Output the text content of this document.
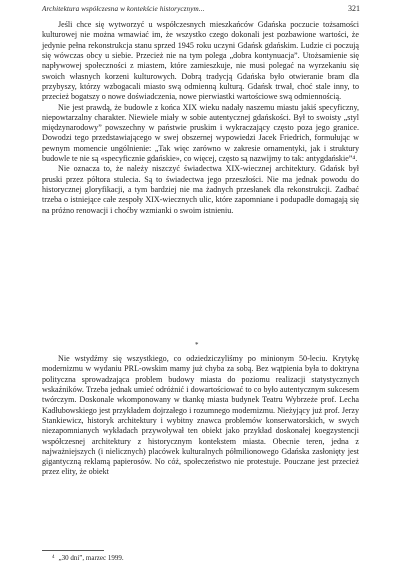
Architektura współczesna w kontekście historycznym...	321

Jeśli chce się wytworzyć u współczesnych mieszkańców Gdańska poczucie tożsamości kulturowej nie można wmawiać im, że wszystko czego dokonali jest pozbawione wartości, że jedynie pełna rekonstrukcja stanu sprzed 1945 roku uczyni Gdańsk gdańskim. Ludzie ci poczują się wówczas obcy u siebie. Przecież nie na tym polega „dobra kontynuacja”. Utożsamienie się napływowej społeczności z miastem, które zamieszkuje, nie musi polegać na wyrzekaniu się swoich własnych korzeni kulturowych. Dobrą tradycją Gdańska było otwieranie bram dla przybyszy, którzy wzbogacali miasto swą odmienną kulturą. Gdańsk trwał, choć stale inny, to przecież bogatszy o nowe doświadczenia, nowe pierwiastki wartościowe swą odmiennością.

Nie jest prawdą, że budowle z końca XIX wieku nadały naszemu miastu jakiś specyficzny, niepowtarzalny charakter. Niewiele miały w sobie autentycznej gdańskości. Był to swoisty „styl międzynarodowy” powszechny w państwie pruskim i wykraczający często poza jego granice. Dowodzi tego przedstawiającego w swej obszernej wypowiedzi Jacek Friedrich, formułując w pewnym momencie ungólnienie: „Tak więc zarówno w zakresie ornamentyki, jak i struktury budowle te nie są «specyficznie gdańskie», co więcej, często są nazwijmy to tak: antygdańskie”⁴.

Nie oznacza to, że należy niszczyć świadectwa XIX-wiecznej architektury. Gdańsk był pruski przez półtora stulecia. Są to świadectwa jego przeszłości. Nie ma jednak powodu do historycznej gloryfikacji, a tym bardziej nie ma żadnych przesłanek dla rekonstrukcji. Zadbać trzeba o istniejące całe zespoły XIX-wiecznych ulic, które zapomniane i podupadłe domagają się na próżno renowacji i choćby wzmianki o swoim istnieniu.

*

Nie wstydźmy się wszystkiego, co odziedziczyliśmy po minionym 50-leciu. Krytykę modernizmu w wydaniu PRL-owskim mamy już chyba za sobą. Bez wątpienia była to doktryna polityczna sprowadzająca problem budowy miasta do poziomu realizacji statystycznych wskaźników. Trzeba jednak umieć odróżnić i dowartościować to co było autentycznym sukcesem twórczym. Doskonale wkomponowany w tkankę miasta budynek Teatru Wybrzeże prof. Lecha Kadłubowskiego jest przykładem dojrzałego i rozumnego modernizmu. Nieżyjący już prof. Jerzy Stankiewicz, historyk architektury i wybitny znawca problemów konserwatorskich, w swych niezapomnianych wykładach przywoływał ten obiekt jako przykład doskonałej koegzystencji współczesnej architektury z historycznym kontekstem miasta. Obecnie teren, jedna z najważniejszych (i nielicznych) placówek kulturalnych półmilionowego Gdańska zasłonięty jest gigantyczną reklamą papierosów. No cóż, społeczeństwo nie protestuje. Pouczane jest przecież przez elity, że obiekt

$^4$ „30 dni”, marzec 1999.
